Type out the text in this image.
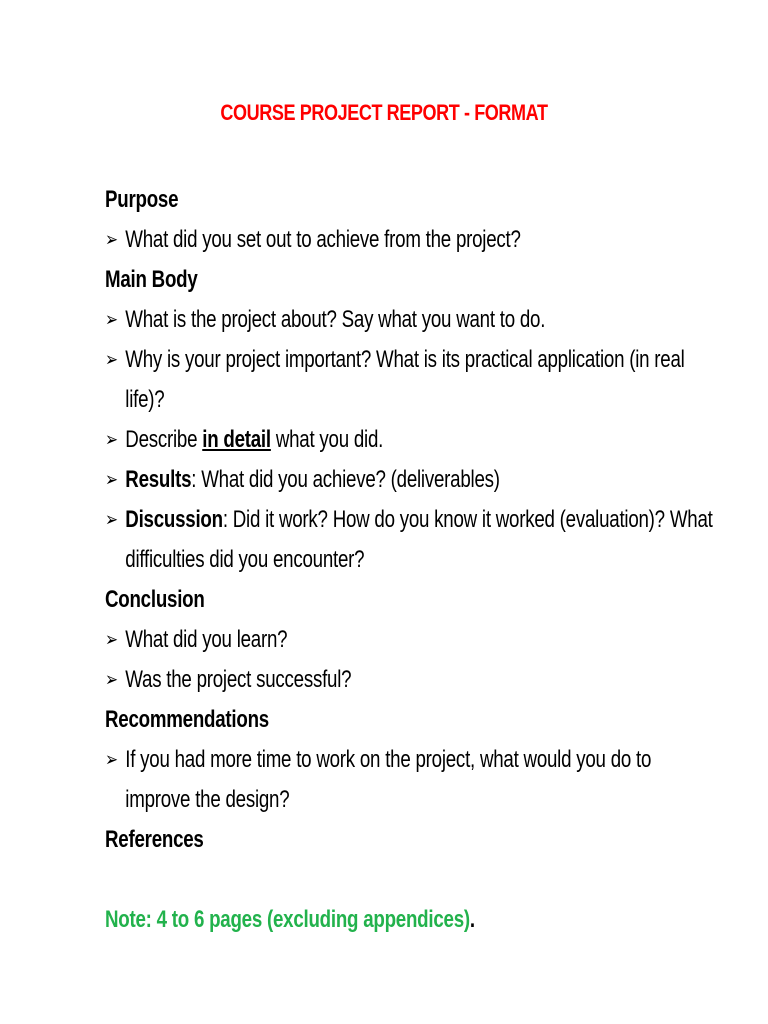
COURSE PROJECT REPORT - FORMAT
Purpose
➢ What did you set out to achieve from the project?
Main Body
➢ What is the project about? Say what you want to do.
➢ Why is your project important? What is its practical application (in real
life)?
➢ Describe in detail what you did.
➢ Results: What did you achieve? (deliverables)
➢ Discussion: Did it work? How do you know it worked (evaluation)? What
difficulties did you encounter?
Conclusion
➢ What did you learn?
➢ Was the project successful?
Recommendations
➢ If you had more time to work on the project, what would you do to
improve the design?
References
Note: 4 to 6 pages (excluding appendices).
